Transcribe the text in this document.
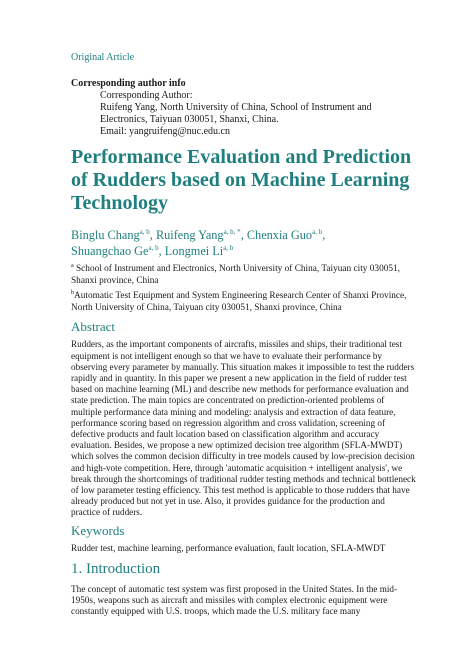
Original Article
Corresponding author info
Corresponding Author:
Ruifeng Yang, North University of China, School of Instrument and
Electronics, Taiyuan 030051, Shanxi, China.
Email: yangruifeng@nuc.edu.cn
Performance Evaluation and Prediction of Rudders based on Machine Learning Technology
Binglu Chang$^{a, b}$, Ruifeng Yang$^{a, b, *}$, Chenxia Guo$^{a, b}$,
Shuangchao Ge$^{a, b}$, Longmei Li$^{a, b}$
$^a$ School of Instrument and Electronics, North University of China, Taiyuan city 030051, Shanxi province, China
$^b$Automatic Test Equipment and System Engineering Research Center of Shanxi Province, North University of China, Taiyuan city 030051, Shanxi province, China
Abstract

Rudders, as the important components of aircrafts, missiles and ships, their traditional test equipment is not intelligent enough so that we have to evaluate their performance by observing every parameter by manually. This situation makes it impossible to test the rudders rapidly and in quantity. In this paper we present a new application in the field of rudder test based on machine learning (ML) and describe new methods for performance evaluation and state prediction. The main topics are concentrated on prediction-oriented problems of multiple performance data mining and modeling: analysis and extraction of data feature, performance scoring based on regression algorithm and cross validation, screening of defective products and fault location based on classification algorithm and accuracy evaluation. Besides, we propose a new optimized decision tree algorithm (SFLA-MWDT) which solves the common decision difficulty in tree models caused by low-precision decision and high-vote competition. Here, through 'automatic acquisition + intelligent analysis', we break through the shortcomings of traditional rudder testing methods and technical bottleneck of low parameter testing efficiency. This test method is applicable to those rudders that have already produced but not yet in use. Also, it provides guidance for the production and practice of rudders.

Keywords

Rudder test, machine learning, performance evaluation, fault location, SFLA-MWDT

1. Introduction

The concept of automatic test system was first proposed in the United States. In the mid-1950s, weapons such as aircraft and missiles with complex electronic equipment were constantly equipped with U.S. troops, which made the U.S. military face many
